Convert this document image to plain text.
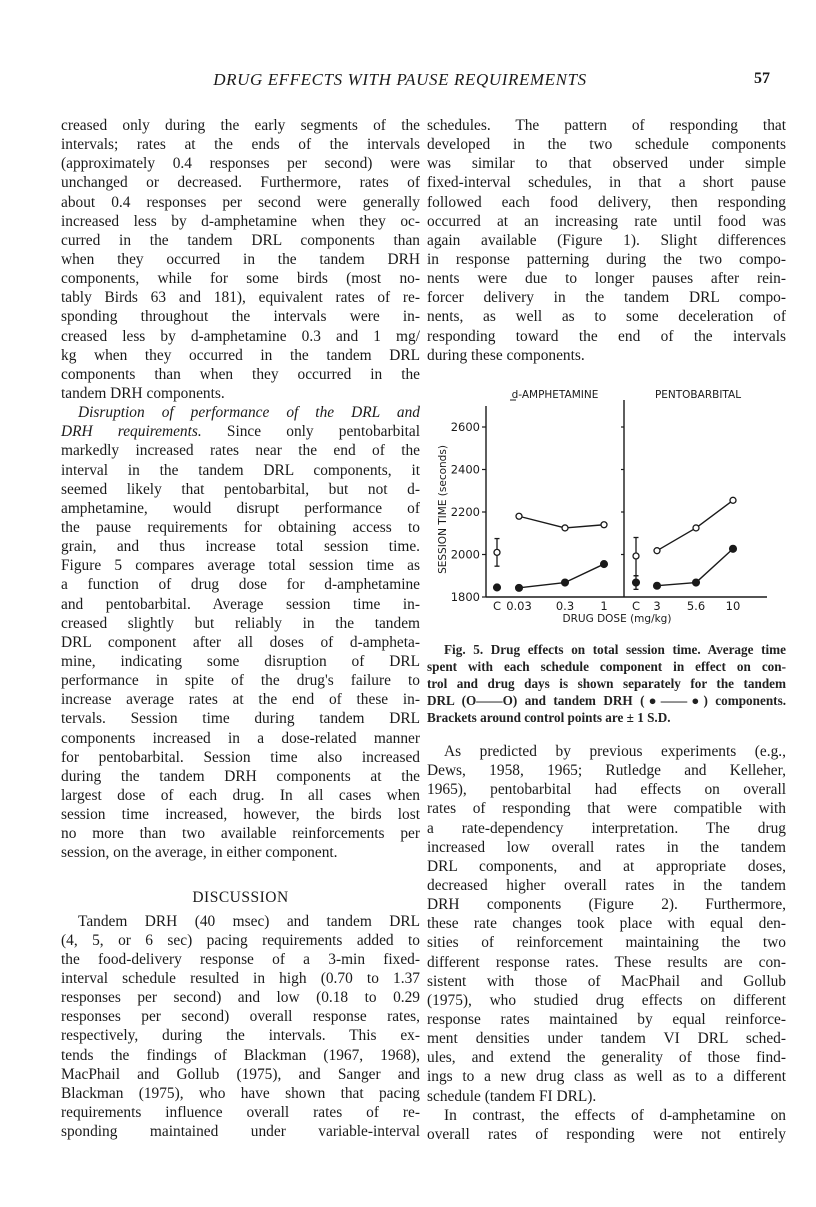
DRUG EFFECTS WITH PAUSE REQUIREMENTS	57
creased only during the early segments of the
intervals; rates at the ends of the intervals
(approximately 0.4 responses per second) were
unchanged or decreased. Furthermore, rates of
about 0.4 responses per second were generally
increased less by d-amphetamine when they oc-
curred in the tandem DRL components than
when they occurred in the tandem DRH
components, while for some birds (most no-
tably Birds 63 and 181), equivalent rates of re-
sponding throughout the intervals were in-
creased less by d-amphetamine 0.3 and 1 mg/
kg when they occurred in the tandem DRL
components than when they occurred in the
tandem DRH components.
Disruption of performance of the DRL and
DRH requirements. Since only pentobarbital
markedly increased rates near the end of the
interval in the tandem DRL components, it
seemed likely that pentobarbital, but not d-
amphetamine, would disrupt performance of
the pause requirements for obtaining access to
grain, and thus increase total session time.
Figure 5 compares average total session time as
a function of drug dose for d-amphetamine
and pentobarbital. Average session time in-
creased slightly but reliably in the tandem
DRL component after all doses of d-ampheta-
mine, indicating some disruption of DRL
performance in spite of the drug's failure to
increase average rates at the end of these in-
tervals. Session time during tandem DRL
components increased in a dose-related manner
for pentobarbital. Session time also increased
during the tandem DRH components at the
largest dose of each drug. In all cases when
session time increased, however, the birds lost
no more than two available reinforcements per
session, on the average, in either component.
DISCUSSION
Tandem DRH (40 msec) and tandem DRL
(4, 5, or 6 sec) pacing requirements added to
the food-delivery response of a 3-min fixed-
interval schedule resulted in high (0.70 to 1.37
responses per second) and low (0.18 to 0.29
responses per second) overall response rates,
respectively, during the intervals. This ex-
tends the findings of Blackman (1967, 1968),
MacPhail and Gollub (1975), and Sanger and
Blackman (1975), who have shown that pacing
requirements influence overall rates of re-
sponding maintained under variable-interval
schedules. The pattern of responding that
developed in the two schedule components
was similar to that observed under simple
fixed-interval schedules, in that a short pause
followed each food delivery, then responding
occurred at an increasing rate until food was
again available (Figure 1). Slight differences
in response patterning during the two compo-
nents were due to longer pauses after rein-
forcer delivery in the tandem DRL compo-
nents, as well as to some deceleration of
responding toward the end of the intervals
during these components.
1800
2000
2200
2400
2600
SESSION TIME (seconds)
DRUG DOSE (mg/kg)
d-AMPHETAMINE
C 0.03 0.3 1
PENTOBARBITAL
C 3 5.6 10
Fig. 5. Drug effects on total session time. Average time
spent with each schedule component in effect on con-
trol and drug days is shown separately for the tandem
DRL (O——O) and tandem DRH (●——●) components.
Brackets around control points are ± 1 S.D.
As predicted by previous experiments (e.g.,
Dews, 1958, 1965; Rutledge and Kelleher,
1965), pentobarbital had effects on overall
rates of responding that were compatible with
a rate-dependency interpretation. The drug
increased low overall rates in the tandem
DRL components, and at appropriate doses,
decreased higher overall rates in the tandem
DRH components (Figure 2). Furthermore,
these rate changes took place with equal den-
sities of reinforcement maintaining the two
different response rates. These results are con-
sistent with those of MacPhail and Gollub
(1975), who studied drug effects on different
response rates maintained by equal reinforce-
ment densities under tandem VI DRL sched-
ules, and extend the generality of those find-
ings to a new drug class as well as to a different
schedule (tandem FI DRL).
In contrast, the effects of d-amphetamine on
overall rates of responding were not entirely
